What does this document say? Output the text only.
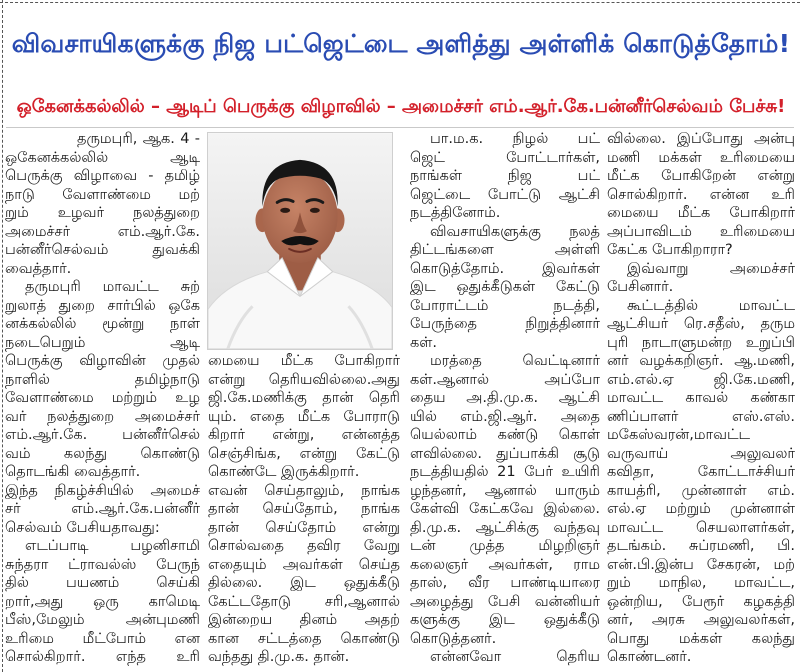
விவசாயிகளுக்கு நிஜ பட்ஜெட்டை அளித்து அள்ளிக் கொடுத்தோம்!
ஒகேனக்கல்லில் – ஆடிப் பெருக்கு விழாவில் – அமைச்சர் எம்.ஆர்.கே.பன்னீர்செல்வம் பேச்சு!
தருமபுரி, ஆக. 4 -
ஒகேனக்கல்லில் ஆடி
பெருக்கு விழாவை - தமிழ்
நாடு வேளாண்மை மற்
றும் உழவர் நலத்துறை
அமைச்சர் எம்.ஆர்.கே.
பன்னீர்செல்வம் துவக்கி
வைத்தார்.
தருமபுரி மாவட்ட சுற்
றுலாத் துறை சார்பில் ஒகே
னக்கல்லில் மூன்று நாள்
நடைபெறும் ஆடி
பெருக்கு விழாவின் முதல்
நாளில் தமிழ்நாடு
வேளாண்மை மற்றும் உழ
வர் நலத்துறை அமைச்சர்
எம்.ஆர்.கே. பன்னீர்செல்
வம் கலந்து கொண்டு
தொடங்கி வைத்தார்.
இந்த நிகழ்ச்சியில் அமைச்
சர் எம்.ஆர்.கே.பன்னீர்
செல்வம் பேசியதாவது:
எடப்பாடி பழனிசாமி
சுந்தரா ட்ராவல்ஸ் பேருந்
தில் பயணம் செய்கி
றார்,அது ஒரு காமெடி
பீஸ்,மேலும் அன்புமணி
உரிமை மீட்போம் என
சொல்கிறார். எந்த உரி
மையை மீட்க போகிறார்
என்று தெரியவில்லை.அது
ஜி.கே.மணிக்கு தான் தெரி
யும். எதை மீட்க போராடு
கிறார் என்று, என்னத்த
செஞ்சிங்க, என்று கேட்டு
கொண்டே இருக்கிறார்.
எவன் செய்தாலும், நாங்க
தான் செய்தோம், நாங்க
தான் செய்தோம் என்று
சொல்வதை தவிர வேறு
எதையும் அவர்கள் செய்த
தில்லை. இட ஒதுக்கீடு
கேட்டதோடு சரி,ஆனால்
இன்றைய தினம் அதற்
கான சட்டத்தை கொண்டு
வந்தது தி.மு.க. தான்.
பா.ம.க. நிழல் பட்
ஜெட் போட்டார்கள்,
நாங்கள் நிஜ பட்
ஜெட்டை போட்டு ஆட்சி
நடத்தினோம்.
விவசாயிகளுக்கு நலத்
திட்டங்களை அள்ளி
கொடுத்தோம். இவர்கள்
இட ஒதுக்கீடுகள் கேட்டு
போராட்டம் நடத்தி,
பேருந்தை நிறுத்தினார்
கள்.
மரத்தை வெட்டினார்
கள்.ஆனால் அப்போ
தைய அ.தி.மு.க. ஆட்சி
யில் எம்.ஜி.ஆர். அதை
யெல்லாம் கண்டு கொள்
ளவில்லை. துப்பாக்கி சூடு
நடத்தியதில் 21 பேர் உயிரி
ழந்தனர், ஆனால் யாரும்
கேள்வி கேட்கவே இல்லை.
தி.மு.க. ஆட்சிக்கு வந்தவு
டன் முத்த மிழறிஞர்
கலைஞர் அவர்கள், ராம
தாஸ், வீர பாண்டியாரை
அழைத்து பேசி வன்னியர்
களுக்கு இட ஒதுக்கீடு
கொடுத்தனர்.
என்னவோ தெரிய
வில்லை. இப்போது அன்பு
மணி மக்கள் உரிமையை
மீட்க போகிறேன் என்று
சொல்கிறார். என்ன உரி
மையை மீட்க போகிறார்
அப்பாவிடம் உரிமையை
கேட்க போகிறாரா?
இவ்வாறு அமைச்சர்
பேசினார்.
கூட்டத்தில் மாவட்ட
ஆட்சியர் ரெ.சதீஸ், தரும
புரி நாடாளுமன்ற உறுப்பி
னர் வழக்கறிஞர். ஆ.மணி,
எம்.எல்.ஏ ஜி.கே.மணி,
மாவட்ட காவல் கண்கா
ணிப்பாளர் எஸ்.எஸ்.
மகேஸ்வரன்,மாவட்ட
வருவாய் அலுவலர்
கவிதா, கோட்டாச்சியர்
காயத்ரி, முன்னாள் எம்.
எல்.ஏ மற்றும் முன்னாள்
மாவட்ட செயலாளர்கள்,
தடங்கம். சுப்ரமணி, பி.
என்.பி.இன்ப சேகரன், மற்
றும் மாநில, மாவட்ட,
ஒன்றிய, பேரூர் கழகத்தி
னர், அரசு அலுவலர்கள்,
பொது மக்கள் கலந்து
கொண்டனர்.
